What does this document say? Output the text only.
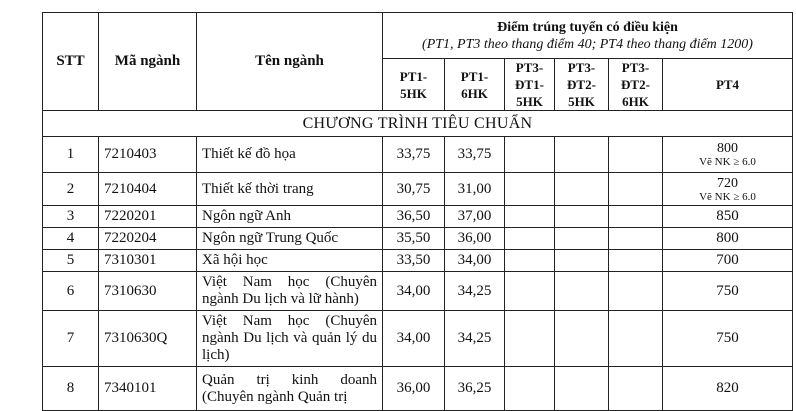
STT	Mã ngành	Tên ngành	Điểm trúng tuyển có điều kiện
(PT1, PT3 theo thang điểm 40; PT4 theo thang điểm 1200)					

			PT1-5HK	PT1-6HK	PT3-ĐT1-5HK	PT3-ĐT2-5HK	PT3-ĐT2-6HK	PT4
CHƯƠNG TRÌNH TIÊU CHUẨN								
1	7210403	Thiết kế đồ họa	33,75	33,75				800
Vẽ NK ≥ 6.0

2	7210404	Thiết kế thời trang	30,75	31,00				720
Vẽ NK ≥ 6.0

3	7220201	Ngôn ngữ Anh	36,50	37,00				850
4	7220204	Ngôn ngữ Trung Quốc	35,50	36,00				800
5	7310301	Xã hội học	33,50	34,00				700
6	7310630	Việt Nam học (Chuyên ngành Du lịch và lữ hành)	34,00	34,25				750
7	7310630Q	Việt Nam học (Chuyên ngành Du lịch và quản lý du lịch)	34,00	34,25				750
8	7340101	Quản trị kinh doanh (Chuyên ngành Quản trị	36,00	36,25				820
